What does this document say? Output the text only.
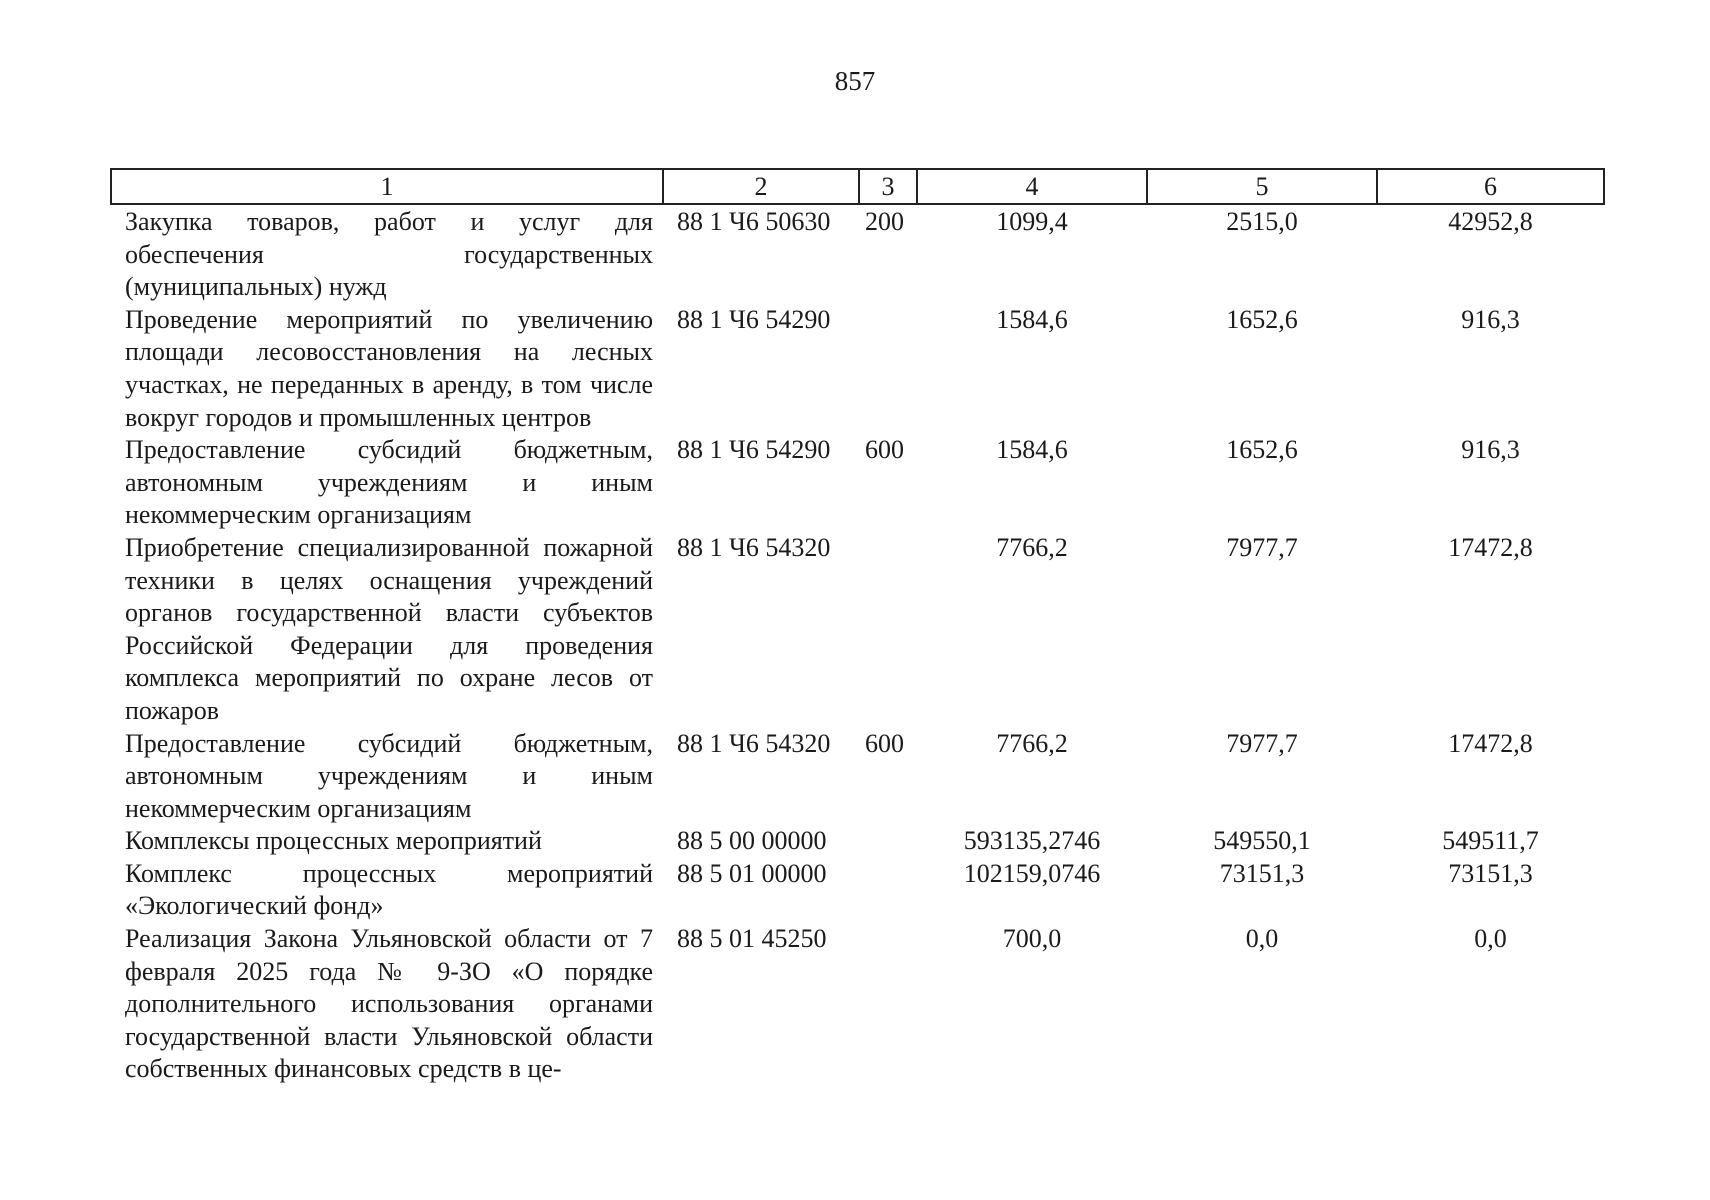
857
1	2	3	4	5	6
Закупка товаров, работ и услуг для обеспечения государственных (муниципальных) нужд	88 1 Ч6 50630	200	1099,4	2515,0	42952,8
Проведение мероприятий по увеличению площади лесовосстановления на лесных участках, не переданных в аренду, в том числе вокруг городов и промышленных центров	88 1 Ч6 54290		1584,6	1652,6	916,3
Предоставление субсидий бюджетным, автономным учреждениям и иным некоммерческим организациям	88 1 Ч6 54290	600	1584,6	1652,6	916,3
Приобретение специализированной пожарной техники в целях оснащения учреждений органов государственной власти субъектов Российской Федерации для проведения комплекса мероприятий по охране лесов от пожаров	88 1 Ч6 54320		7766,2	7977,7	17472,8
Предоставление субсидий бюджетным, автономным учреждениям и иным некоммерческим организациям	88 1 Ч6 54320	600	7766,2	7977,7	17472,8
Комплексы процессных мероприятий	88 5 00 00000		593135,2746	549550,1	549511,7
Комплекс процессных мероприятий «Экологический фонд»	88 5 01 00000		102159,0746	73151,3	73151,3
Реализация Закона Ульяновской области от 7 февраля 2025 года № 9-ЗО «О порядке дополнительного использования органами государственной власти Ульяновской области собственных финансовых средств в це-	88 5 01 45250		700,0	0,0	0,0
